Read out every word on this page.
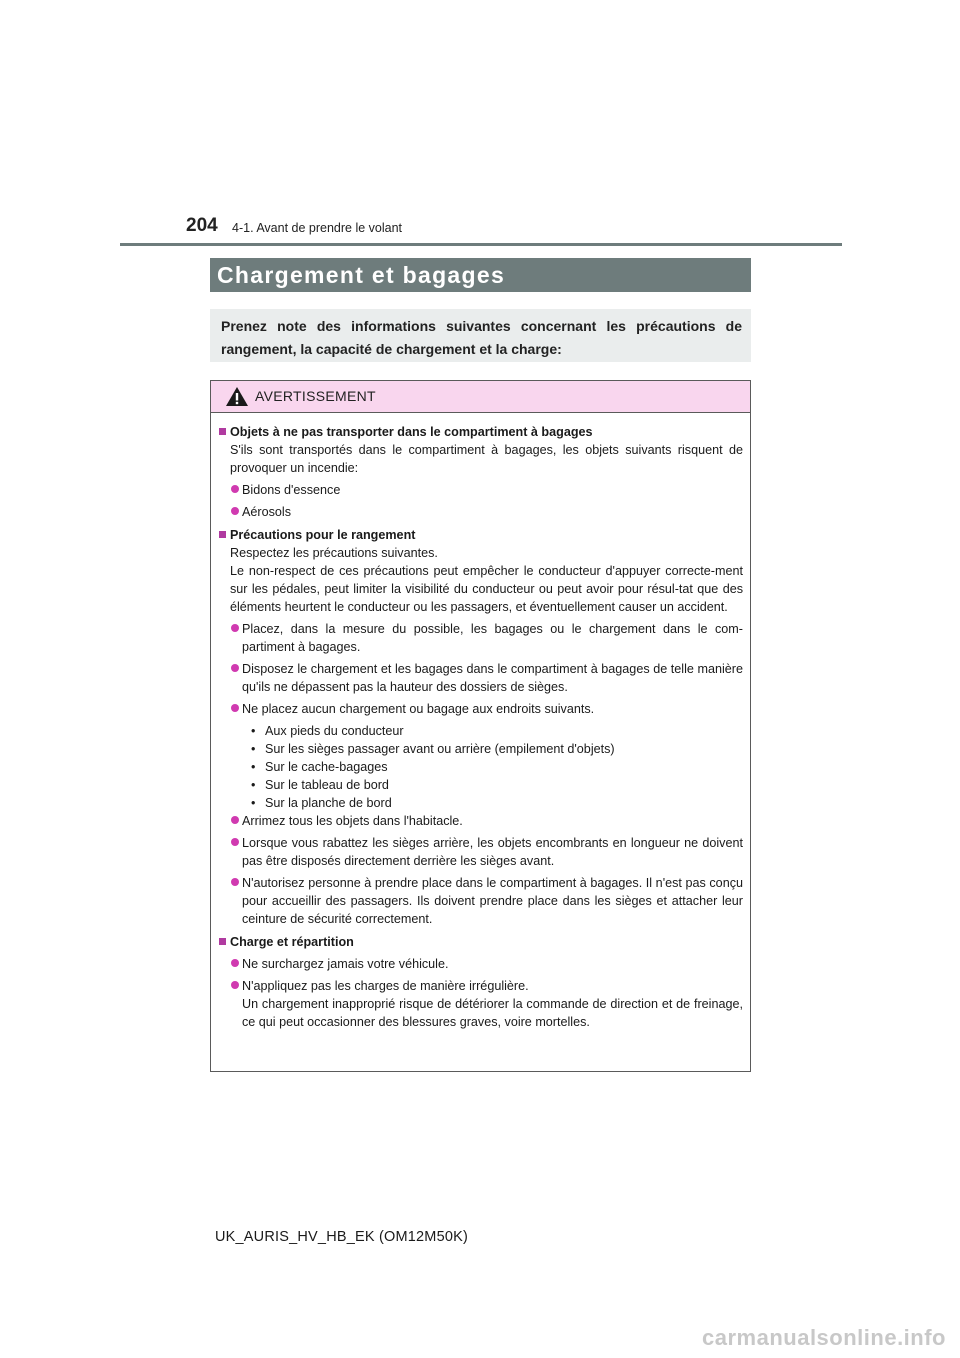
204 4-1. Avant de prendre le volant
Chargement et bagages
Prenez note des informations suivantes concernant les précautions de rangement, la capacité de chargement et la charge:
AVERTISSEMENT
Objets à ne pas transporter dans le compartiment à bagages
S'ils sont transportés dans le compartiment à bagages, les objets suivants risquent de provoquer un incendie:
Bidons d'essence
Aérosols
Précautions pour le rangement
Respectez les précautions suivantes.
Le non-respect de ces précautions peut empêcher le conducteur d'appuyer correcte-ment sur les pédales, peut limiter la visibilité du conducteur ou peut avoir pour résul-tat que des éléments heurtent le conducteur ou les passagers, et éventuellement causer un accident.
Placez, dans la mesure du possible, les bagages ou le chargement dans le com-partiment à bagages.
Disposez le chargement et les bagages dans le compartiment à bagages de telle manière qu'ils ne dépassent pas la hauteur des dossiers de sièges.
Ne placez aucun chargement ou bagage aux endroits suivants.
• Aux pieds du conducteur
• Sur les sièges passager avant ou arrière (empilement d'objets)
• Sur le cache-bagages
• Sur le tableau de bord
• Sur la planche de bord
Arrimez tous les objets dans l'habitacle.
Lorsque vous rabattez les sièges arrière, les objets encombrants en longueur ne doivent pas être disposés directement derrière les sièges avant.
N'autorisez personne à prendre place dans le compartiment à bagages. Il n'est pas conçu pour accueillir des passagers. Ils doivent prendre place dans les sièges et attacher leur ceinture de sécurité correctement.
Charge et répartition
Ne surchargez jamais votre véhicule.
N'appliquez pas les charges de manière irrégulière.
Un chargement inapproprié risque de détériorer la commande de direction et de freinage, ce qui peut occasionner des blessures graves, voire mortelles.
UK_AURIS_HV_HB_EK (OM12M50K)
carmanualsonline.info
